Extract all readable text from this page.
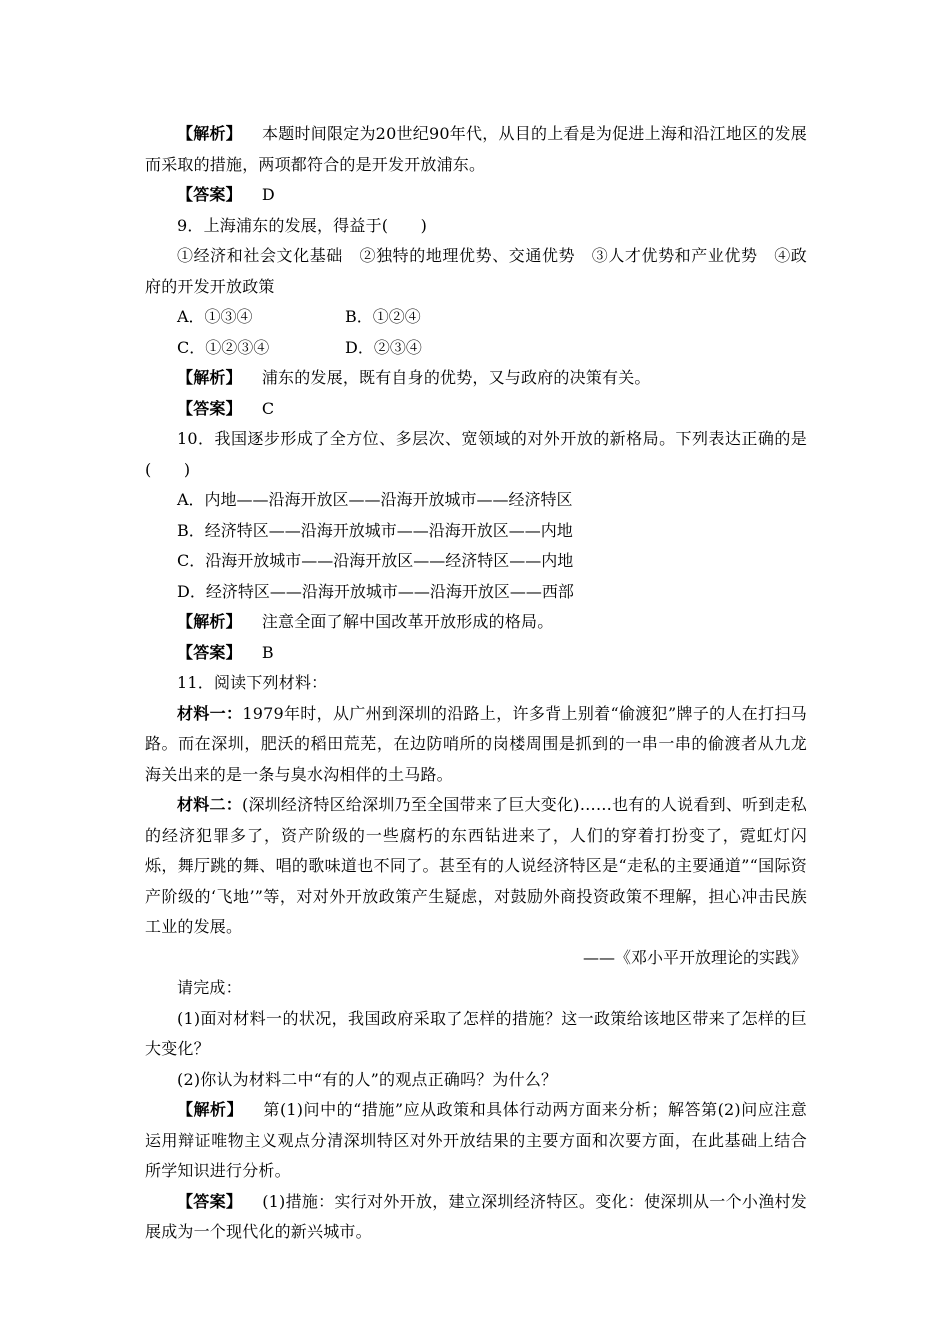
【解析】 本题时间限定为20世纪90年代，从目的上看是为促进上海和沿江地区的发展而采取的措施，两项都符合的是开发开放浦东。

【答案】 D

9．上海浦东的发展，得益于(　　)

①经济和社会文化基础　②独特的地理优势、交通优势　③人才优势和产业优势　④政府的开发开放政策

A．①③④	B．①②④

C．①②③④	D．②③④

【解析】 浦东的发展，既有自身的优势，又与政府的决策有关。

【答案】 C

10．我国逐步形成了全方位、多层次、宽领域的对外开放的新格局。下列表达正确的是(　　)

A．内地——沿海开放区——沿海开放城市——经济特区

B．经济特区——沿海开放城市——沿海开放区——内地

C．沿海开放城市——沿海开放区——经济特区——内地

D．经济特区——沿海开放城市——沿海开放区——西部

【解析】 注意全面了解中国改革开放形成的格局。

【答案】 B

11．阅读下列材料：

材料一：1979年时，从广州到深圳的沿路上，许多背上别着“偷渡犯”牌子的人在打扫马路。而在深圳，肥沃的稻田荒芜，在边防哨所的岗楼周围是抓到的一串一串的偷渡者从九龙海关出来的是一条与臭水沟相伴的土马路。

材料二：(深圳经济特区给深圳乃至全国带来了巨大变化)……也有的人说看到、听到走私的经济犯罪多了，资产阶级的一些腐朽的东西钻进来了，人们的穿着打扮变了，霓虹灯闪烁，舞厅跳的舞、唱的歌味道也不同了。甚至有的人说经济特区是“走私的主要通道”“国际资产阶级的‘飞地’”等，对对外开放政策产生疑虑，对鼓励外商投资政策不理解，担心冲击民族工业的发展。

——《邓小平开放理论的实践》

请完成：

(1)面对材料一的状况，我国政府采取了怎样的措施？这一政策给该地区带来了怎样的巨大变化？

(2)你认为材料二中“有的人”的观点正确吗？为什么？

【解析】 第(1)问中的“措施”应从政策和具体行动两方面来分析；解答第(2)问应注意运用辩证唯物主义观点分清深圳特区对外开放结果的主要方面和次要方面，在此基础上结合所学知识进行分析。

【答案】 (1)措施：实行对外开放，建立深圳经济特区。变化：使深圳从一个小渔村发展成为一个现代化的新兴城市。
